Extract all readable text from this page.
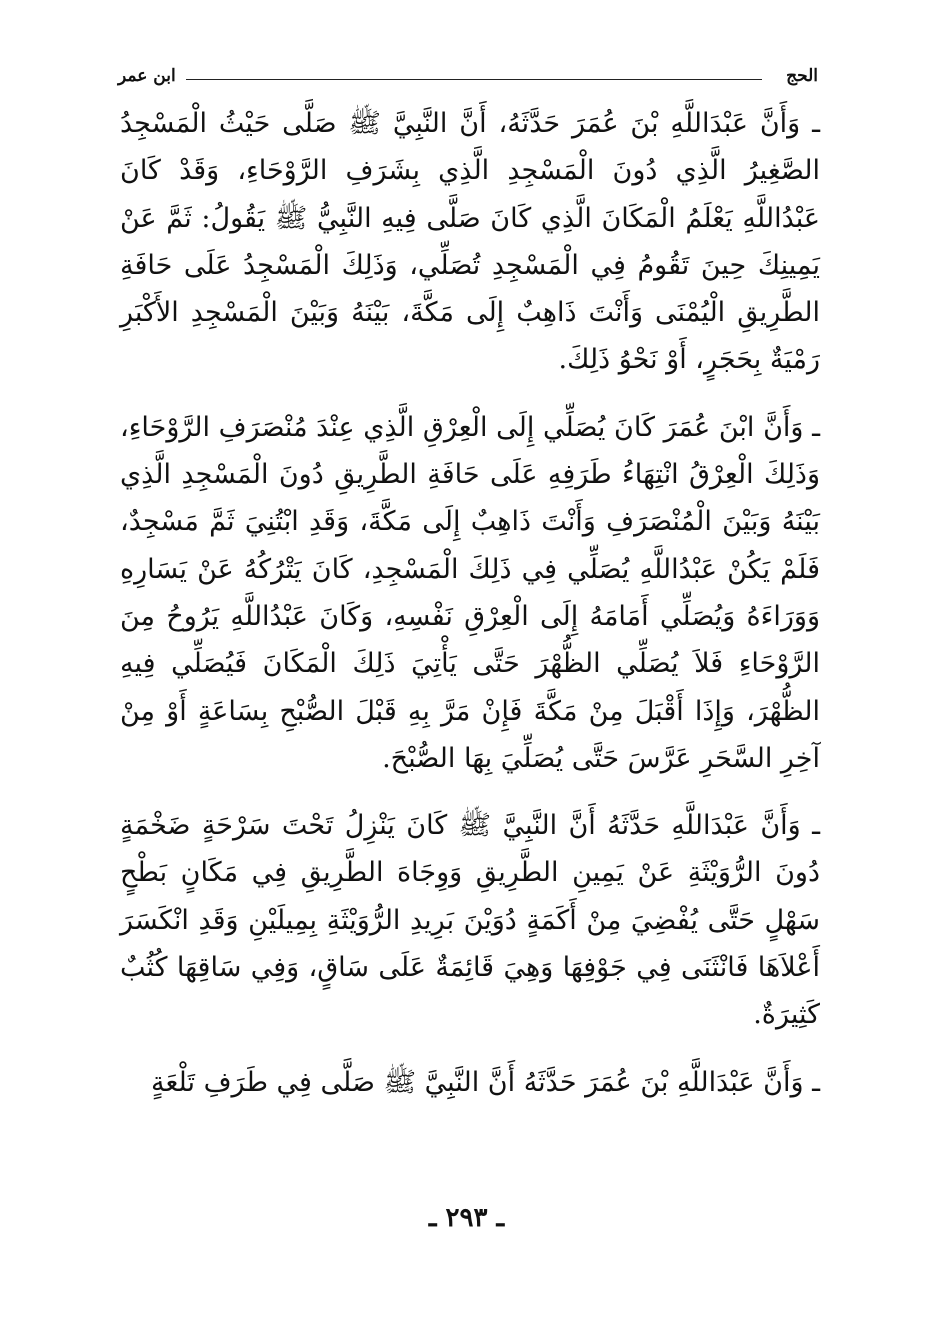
الحج
ابن عمر

ـ وَأَنَّ عَبْدَاللَّهِ بْنَ عُمَرَ حَدَّثَهُ، أَنَّ النَّبِيَّ ﷺ صَلَّى حَيْثُ الْمَسْجِدُ الصَّغِيرُ الَّذِي دُونَ الْمَسْجِدِ الَّذِي بِشَرَفِ الرَّوْحَاءِ، وَقَدْ كَانَ عَبْدُاللَّهِ يَعْلَمُ الْمَكَانَ الَّذِي كَانَ صَلَّى فِيهِ النَّبِيُّ ﷺ يَقُولُ: ثَمَّ عَنْ يَمِينِكَ حِينَ تَقُومُ فِي الْمَسْجِدِ تُصَلِّي، وَذَلِكَ الْمَسْجِدُ عَلَى حَافَةِ الطَّرِيقِ الْيُمْنَى وَأَنْتَ ذَاهِبٌ إِلَى مَكَّةَ، بَيْنَهُ وَبَيْنَ الْمَسْجِدِ الأَكْبَرِ رَمْيَةٌ بِحَجَرٍ، أَوْ نَحْوُ ذَلِكَ.

ـ وَأَنَّ ابْنَ عُمَرَ كَانَ يُصَلِّي إِلَى الْعِرْقِ الَّذِي عِنْدَ مُنْصَرَفِ الرَّوْحَاءِ، وَذَلِكَ الْعِرْقُ انْتِهَاءُ طَرَفِهِ عَلَى حَافَةِ الطَّرِيقِ دُونَ الْمَسْجِدِ الَّذِي بَيْنَهُ وَبَيْنَ الْمُنْصَرَفِ وَأَنْتَ ذَاهِبٌ إِلَى مَكَّةَ، وَقَدِ ابْتُنِيَ ثَمَّ مَسْجِدٌ، فَلَمْ يَكُنْ عَبْدُاللَّهِ يُصَلِّي فِي ذَلِكَ الْمَسْجِدِ، كَانَ يَتْرُكُهُ عَنْ يَسَارِهِ وَوَرَاءَهُ وَيُصَلِّي أَمَامَهُ إِلَى الْعِرْقِ نَفْسِهِ، وَكَانَ عَبْدُاللَّهِ يَرُوحُ مِنَ الرَّوْحَاءِ فَلاَ يُصَلِّي الظُّهْرَ حَتَّى يَأْتِيَ ذَلِكَ الْمَكَانَ فَيُصَلِّي فِيهِ الظُّهْرَ، وَإِذَا أَقْبَلَ مِنْ مَكَّةَ فَإِنْ مَرَّ بِهِ قَبْلَ الصُّبْحِ بِسَاعَةٍ أَوْ مِنْ آخِرِ السَّحَرِ عَرَّسَ حَتَّى يُصَلِّيَ بِهَا الصُّبْحَ.

ـ وَأَنَّ عَبْدَاللَّهِ حَدَّثَهُ أَنَّ النَّبِيَّ ﷺ كَانَ يَنْزِلُ تَحْتَ سَرْحَةٍ ضَخْمَةٍ دُونَ الرُّوَيْثَةِ عَنْ يَمِينِ الطَّرِيقِ وَوِجَاهَ الطَّرِيقِ فِي مَكَانٍ بَطْحٍ سَهْلٍ حَتَّى يُفْضِيَ مِنْ أَكَمَةٍ دُوَيْنَ بَرِيدِ الرُّوَيْثَةِ بِمِيلَيْنِ وَقَدِ انْكَسَرَ أَعْلاَهَا فَانْثَنَى فِي جَوْفِهَا وَهِيَ قَائِمَةٌ عَلَى سَاقٍ، وَفِي سَاقِهَا كُثُبٌ كَثِيرَةٌ.

ـ وَأَنَّ عَبْدَاللَّهِ بْنَ عُمَرَ حَدَّثَهُ أَنَّ النَّبِيَّ ﷺ صَلَّى فِي طَرَفِ تَلْعَةٍ

ـ ٢٩٣ ـ
